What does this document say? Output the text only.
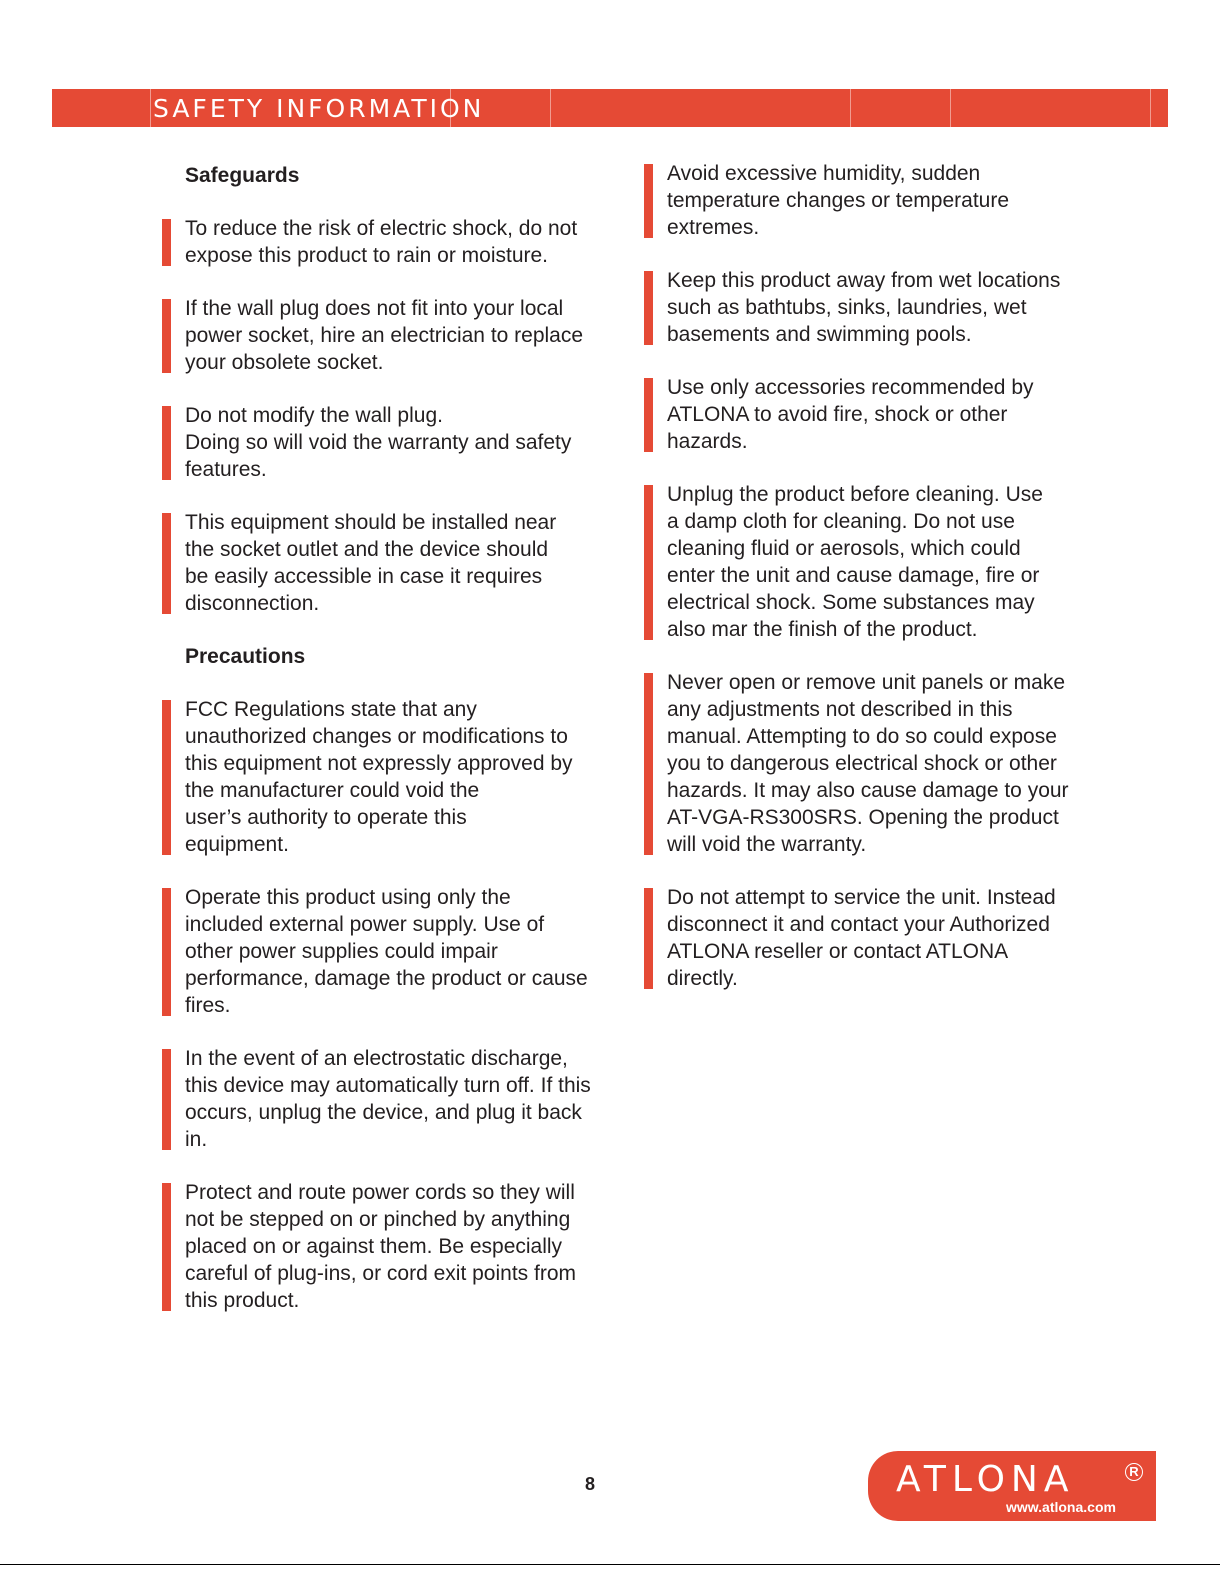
SAFETY INFORMATION
Safeguards

To reduce the risk of electric shock, do not

expose this product to rain or moisture.

If the wall plug does not fit into your local

power socket, hire an electrician to replace

your obsolete socket.

Do not modify the wall plug.

Doing so will void the warranty and safety

features.

This equipment should be installed near

the socket outlet and the device should

be easily accessible in case it requires

disconnection.

Precautions

FCC Regulations state that any

unauthorized changes or modifications to

this equipment not expressly approved by

the manufacturer could void the

user’s authority to operate this

equipment.

Operate this product using only the

included external power supply. Use of

other power supplies could impair

performance, damage the product or cause

fires.

In the event of an electrostatic discharge,

this device may automatically turn off. If this

occurs, unplug the device, and plug it back

in.

Protect and route power cords so they will

not be stepped on or pinched by anything

placed on or against them. Be especially

careful of plug-ins, or cord exit points from

this product.

Avoid excessive humidity, sudden

temperature changes or temperature

extremes.

Keep this product away from wet locations

such as bathtubs, sinks, laundries, wet

basements and swimming pools.

Use only accessories recommended by

ATLONA to avoid fire, shock or other

hazards.

Unplug the product before cleaning. Use

a damp cloth for cleaning. Do not use

cleaning fluid or aerosols, which could

enter the unit and cause damage, fire or

electrical shock. Some substances may

also mar the finish of the product.

Never open or remove unit panels or make

any adjustments not described in this

manual. Attempting to do so could expose

you to dangerous electrical shock or other

hazards. It may also cause damage to your

AT-VGA-RS300SRS. Opening the product

will void the warranty.

Do not attempt to service the unit. Instead

disconnect it and contact your Authorized

ATLONA reseller or contact ATLONA

directly.

8	ATLONA	R
www.atlona.com
